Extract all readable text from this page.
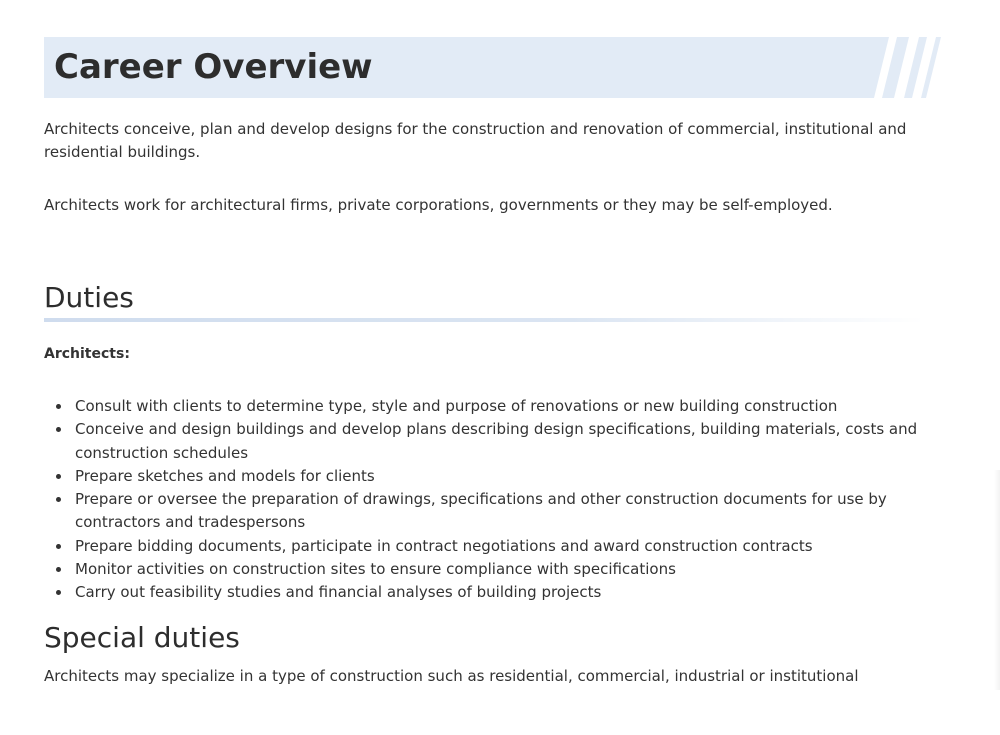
Career Overview

Architects conceive, plan and develop designs for the construction and renovation of commercial, institutional and residential buildings.

Architects work for architectural firms, private corporations, governments or they may be self-employed.

Duties

Architects:

Consult with clients to determine type, style and purpose of renovations or new building construction
Conceive and design buildings and develop plans describing design specifications, building materials, costs and construction schedules
Prepare sketches and models for clients
Prepare or oversee the preparation of drawings, specifications and other construction documents for use by contractors and tradespersons
Prepare bidding documents, participate in contract negotiations and award construction contracts
Monitor activities on construction sites to ensure compliance with specifications
Carry out feasibility studies and financial analyses of building projects
Special duties

Architects may specialize in a type of construction such as residential, commercial, industrial or institutional
